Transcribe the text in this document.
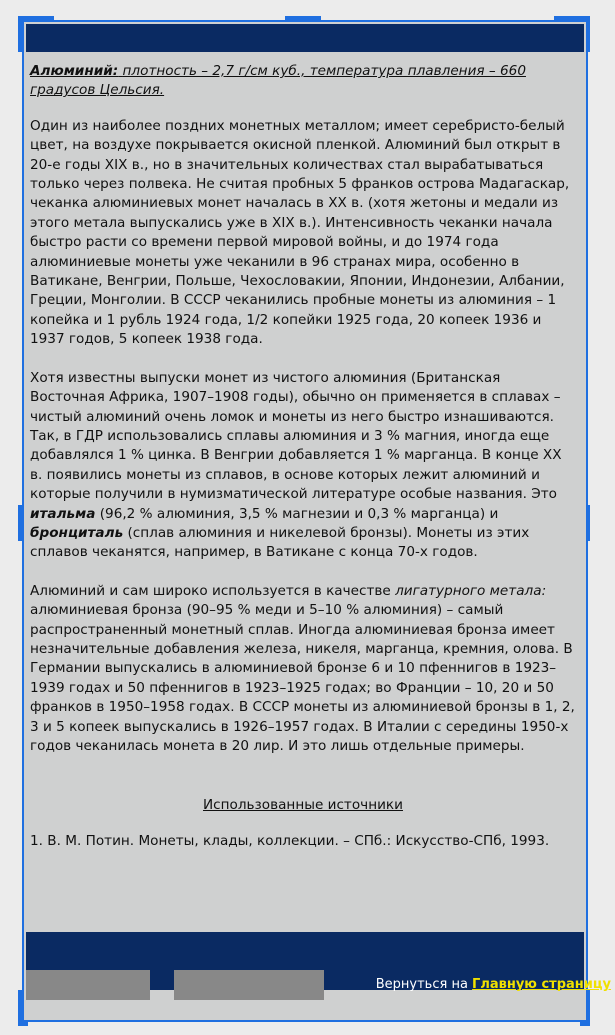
Алюминий: плотность – 2,7 г/см куб., температура плавления – 660 градусов Цельсия.

Один из наиболее поздних монетных металлом; имеет серебристо-белый цвет, на воздухе покрывается окисной пленкой. Алюминий был открыт в 20-е годы XIX в., но в значительных количествах стал вырабатываться только через полвека. Не считая пробных 5 франков острова Мадагаскар, чеканка алюминиевых монет началась в XX в. (хотя жетоны и медали из этого метала выпускались уже в XIX в.). Интенсивность чеканки начала быстро расти со времени первой мировой войны, и до 1974 года алюминиевые монеты уже чеканили в 96 странах мира, особенно в Ватикане, Венгрии, Польше, Чехословакии, Японии, Индонезии, Албании, Греции, Монголии. В СССР чеканились пробные монеты из алюминия – 1 копейка и 1 рубль 1924 года, 1/2 копейки 1925 года, 20 копеек 1936 и 1937 годов, 5 копеек 1938 года.

Хотя известны выпуски монет из чистого алюминия (Британская Восточная Африка, 1907–1908 годы), обычно он применяется в сплавах – чистый алюминий очень ломок и монеты из него быстро изнашиваются. Так, в ГДР использовались сплавы алюминия и 3 % магния, иногда еще добавлялся 1 % цинка. В Венгрии добавляется 1 % марганца. В конце XX в. появились монеты из сплавов, в основе которых лежит алюминий и которые получили в нумизматической литературе особые названия. Это итальма (96,2 % алюминия, 3,5 % магнезии и 0,3 % марганца) и бронциталь (сплав алюминия и никелевой бронзы). Монеты из этих сплавов чеканятся, например, в Ватикане с конца 70-х годов.

Алюминий и сам широко используется в качестве лигатурного метала: алюминиевая бронза (90–95 % меди и 5–10 % алюминия) – самый распространенный монетный сплав. Иногда алюминиевая бронза имеет незначительные добавления железа, никеля, марганца, кремния, олова. В Германии выпускались в алюминиевой бронзе 6 и 10 пфеннигов в 1923–1939 годах и 50 пфеннигов в 1923–1925 годах; во Франции – 10, 20 и 50 франков в 1950–1958 годах. В СССР монеты из алюминиевой бронзы в 1, 2, 3 и 5 копеек выпускались в 1926–1957 годах. В Италии с середины 1950-х годов чеканилась монета в 20 лир. И это лишь отдельные примеры.

Использованные источники
1. В. М. Потин. Монеты, клады, коллекции. – СПб.: Искусство-СПб, 1993.
Вернуться на Главную страницу
